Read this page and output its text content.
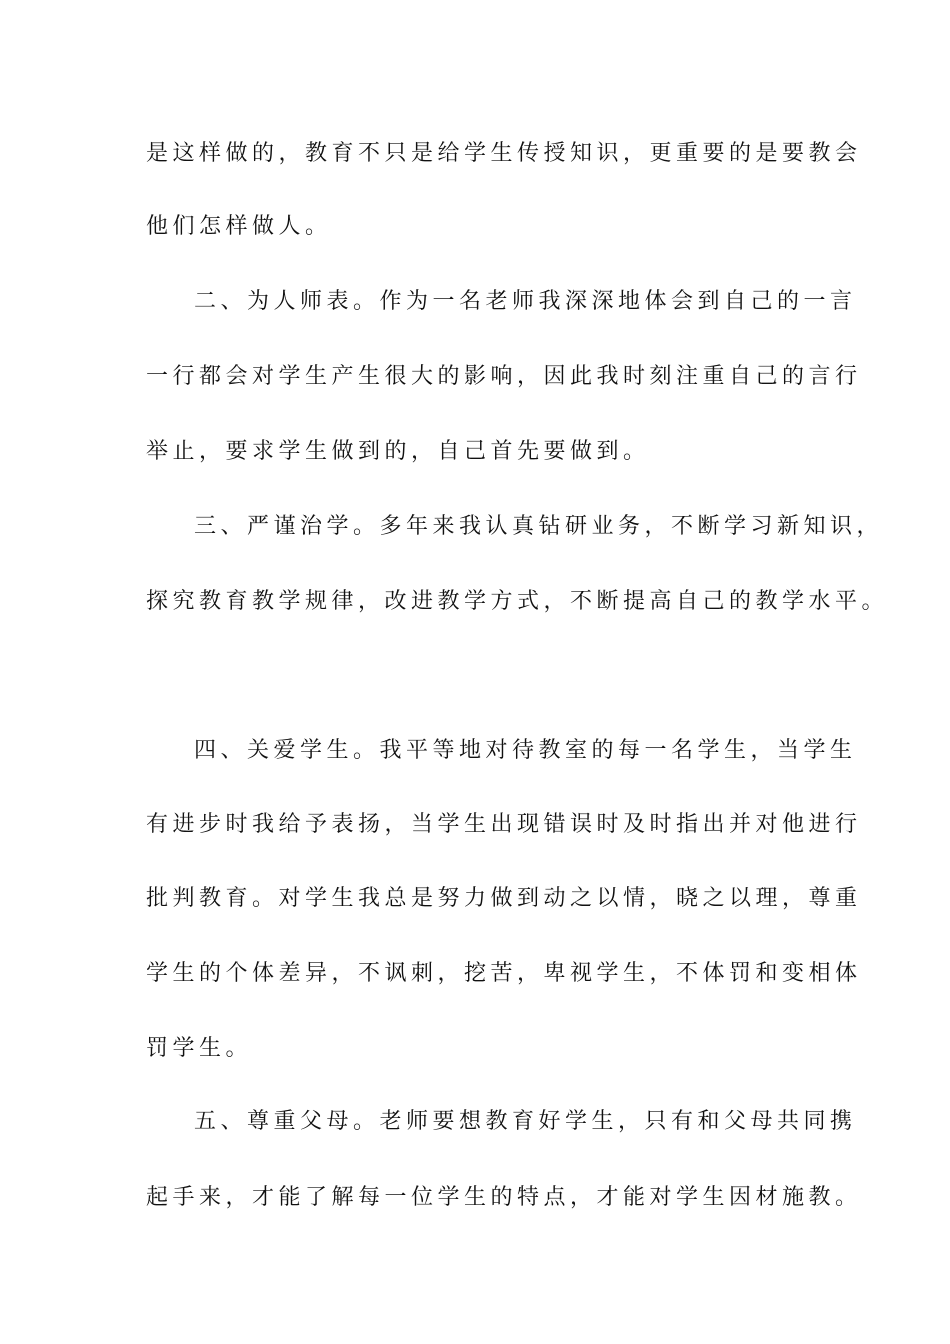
是这样做的，教育不只是给学生传授知识，更重要的是要教会
他们怎样做人。
二、为人师表。作为一名老师我深深地体会到自己的一言
一行都会对学生产生很大的影响，因此我时刻注重自己的言行
举止，要求学生做到的，自己首先要做到。
三、严谨治学。多年来我认真钻研业务，不断学习新知识，
探究教育教学规律，改进教学方式，不断提高自己的教学水平。
四、关爱学生。我平等地对待教室的每一名学生，当学生
有进步时我给予表扬，当学生出现错误时及时指出并对他进行
批判教育。对学生我总是努力做到动之以情，晓之以理，尊重
学生的个体差异，不讽刺，挖苦，卑视学生，不体罚和变相体
罚学生。
五、尊重父母。老师要想教育好学生，只有和父母共同携
起手来，才能了解每一位学生的特点，才能对学生因材施教。
